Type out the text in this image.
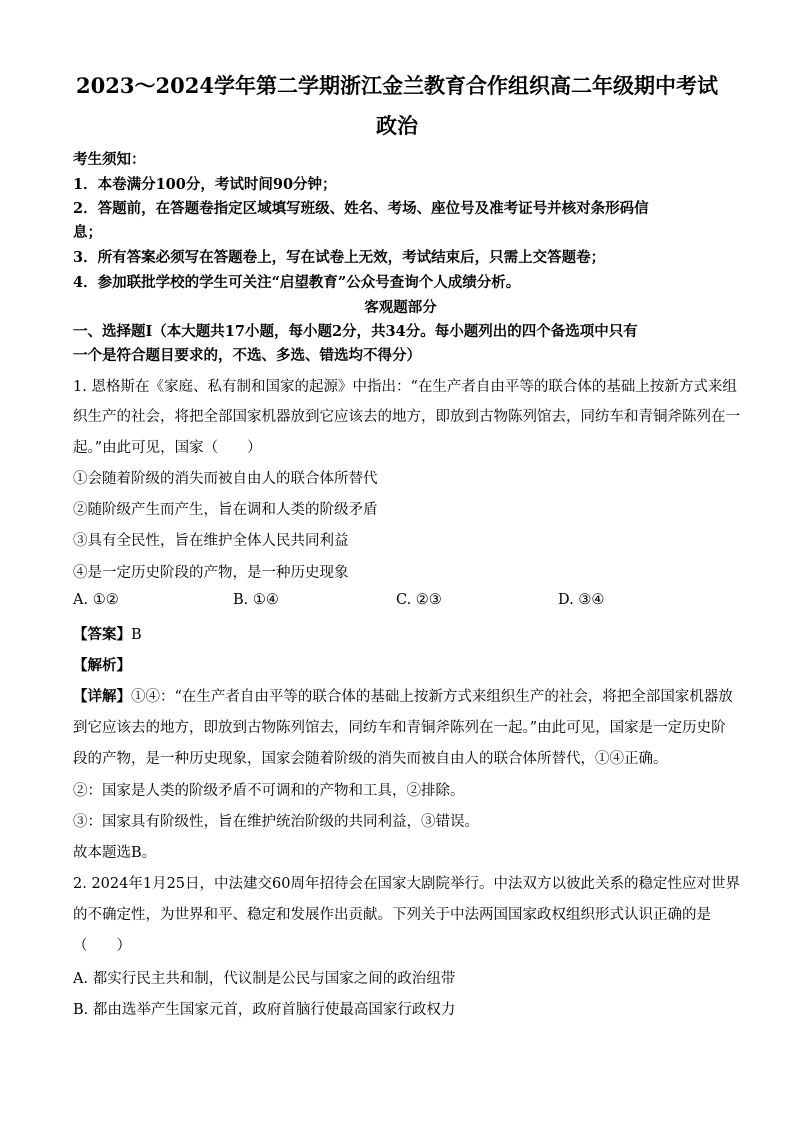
2023～2024学年第二学期浙江金兰教育合作组织高二年级期中考试
政治
考生须知：
1．本卷满分100分，考试时间90分钟；
2．答题前，在答题卷指定区域填写班级、姓名、考场、座位号及准考证号并核对条形码信
息；
3．所有答案必须写在答题卷上，写在试卷上无效，考试结束后，只需上交答题卷；
4．参加联批学校的学生可关注“启望教育”公众号查询个人成绩分析。
客观题部分
一、选择题Ⅰ（本大题共17小题，每小题2分，共34分。每小题列出的四个备选项中只有
一个是符合题目要求的，不选、多选、错选均不得分）
1. 恩格斯在《家庭、私有制和国家的起源》中指出：“在生产者自由平等的联合体的基础上按新方式来组
织生产的社会，将把全部国家机器放到它应该去的地方，即放到古物陈列馆去，同纺车和青铜斧陈列在一
起。”由此可见，国家（　　）
①会随着阶级的消失而被自由人的联合体所替代
②随阶级产生而产生，旨在调和人类的阶级矛盾
③具有全民性，旨在维护全体人民共同利益
④是一定历史阶段的产物，是一种历史现象
A. ①②	B. ①④	C. ②③	D. ③④
【答案】B
【解析】
【详解】①④：“在生产者自由平等的联合体的基础上按新方式来组织生产的社会，将把全部国家机器放
到它应该去的地方，即放到古物陈列馆去，同纺车和青铜斧陈列在一起。”由此可见，国家是一定历史阶
段的产物，是一种历史现象，国家会随着阶级的消失而被自由人的联合体所替代，①④正确。
②：国家是人类的阶级矛盾不可调和的产物和工具，②排除。
③：国家具有阶级性，旨在维护统治阶级的共同利益，③错误。
故本题选B。
2. 2024年1月25日，中法建交60周年招待会在国家大剧院举行。中法双方以彼此关系的稳定性应对世界
的不确定性，为世界和平、稳定和发展作出贡献。下列关于中法两国国家政权组织形式认识正确的是
（　　）
A. 都实行民主共和制，代议制是公民与国家之间的政治纽带
B. 都由选举产生国家元首，政府首脑行使最高国家行政权力
